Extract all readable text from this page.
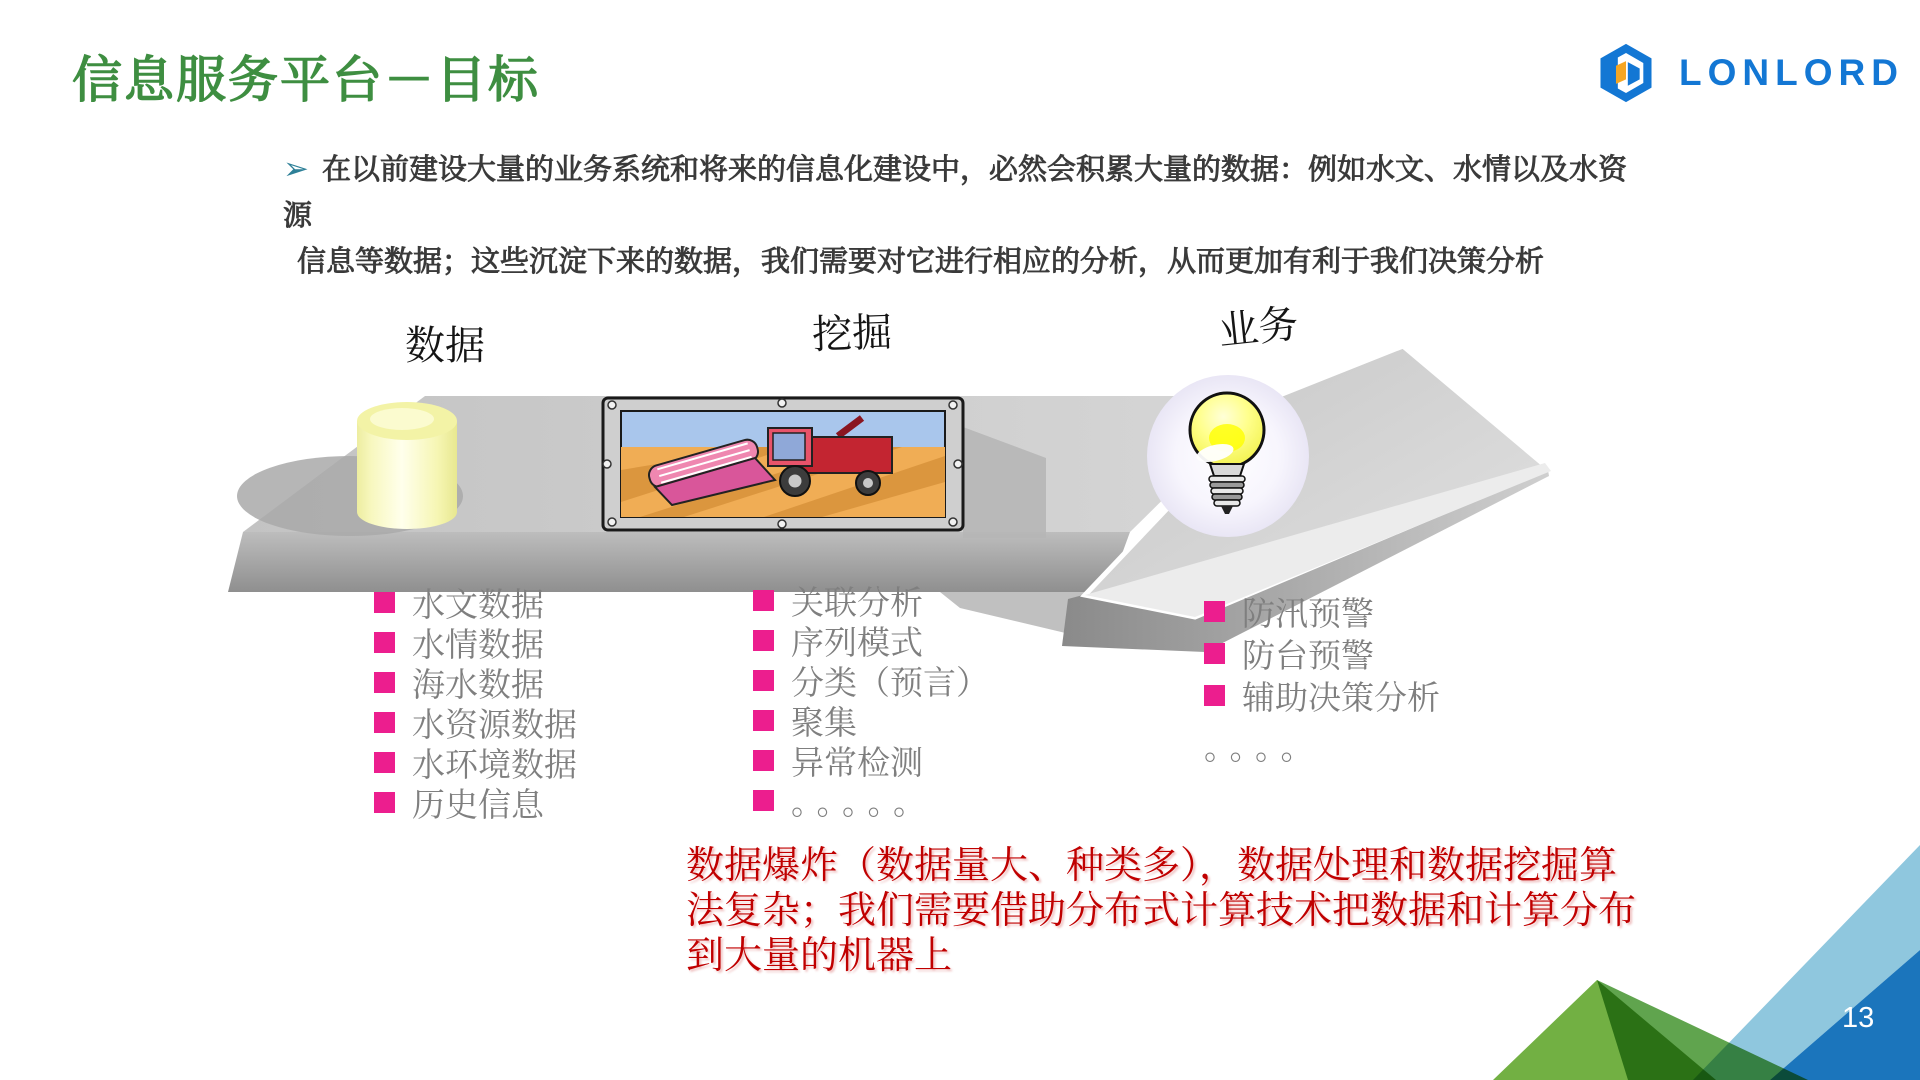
信息服务平台－目标	LONLORD
➢ 在以前建设大量的业务系统和将来的信息化建设中，必然会积累大量的数据：例如水文、水情以及水资源
信息等数据；这些沉淀下来的数据，我们需要对它进行相应的分析，从而更加有利于我们决策分析
数据	挖掘	业务
水文数据
水情数据
海水数据
水资源数据
水环境数据
历史信息
关联分析
序列模式
分类（预言）
聚集
异常检测
。。。。。
防汛预警
防台预警
辅助决策分析
。。。。
数据爆炸（数据量大、种类多），数据处理和数据挖掘算
法复杂；我们需要借助分布式计算技术把数据和计算分布
到大量的机器上
13
